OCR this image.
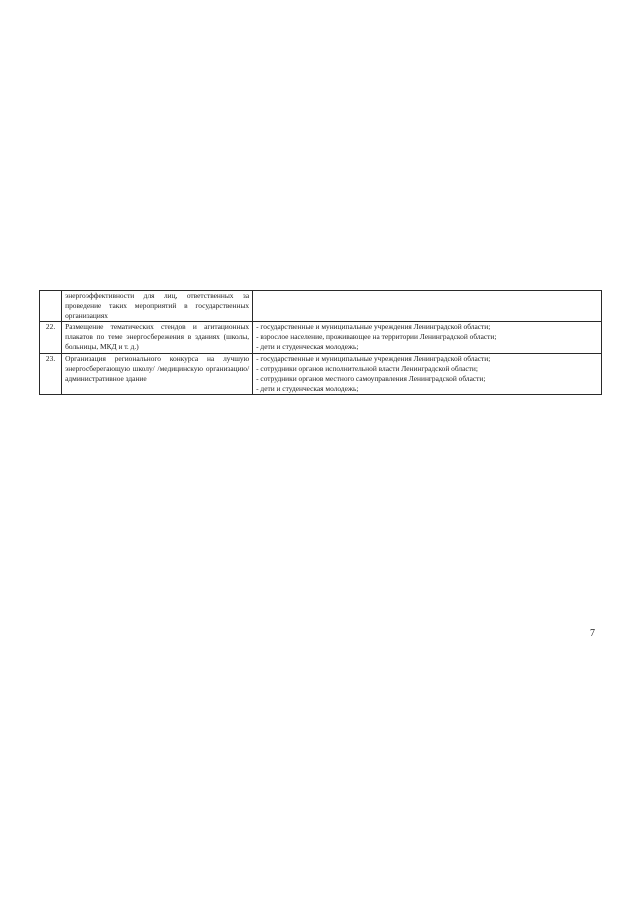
	энергоэффективности для лиц, ответственных за проведение таких мероприятий в государственных организациях	
22.	Размещение тематических стендов и агитационных плакатов по теме энергосбережения в зданиях (школы, больницы, МКД и т. д.)	- государственные и муниципальные учреждения Ленинградской области;
- взрослое население, проживающее на территории Ленинградской области;
- дети и студенческая молодежь;

23.	Организация регионального конкурса на лучшую энергосберегающую школу/ /медицинскую организацию/ административное здание	- государственные и муниципальные учреждения Ленинградской области;
- сотрудники органов исполнительной власти Ленинградской области;
- сотрудники органов местного самоуправления Ленинградской области;
- дети и студенческая молодежь;
7
